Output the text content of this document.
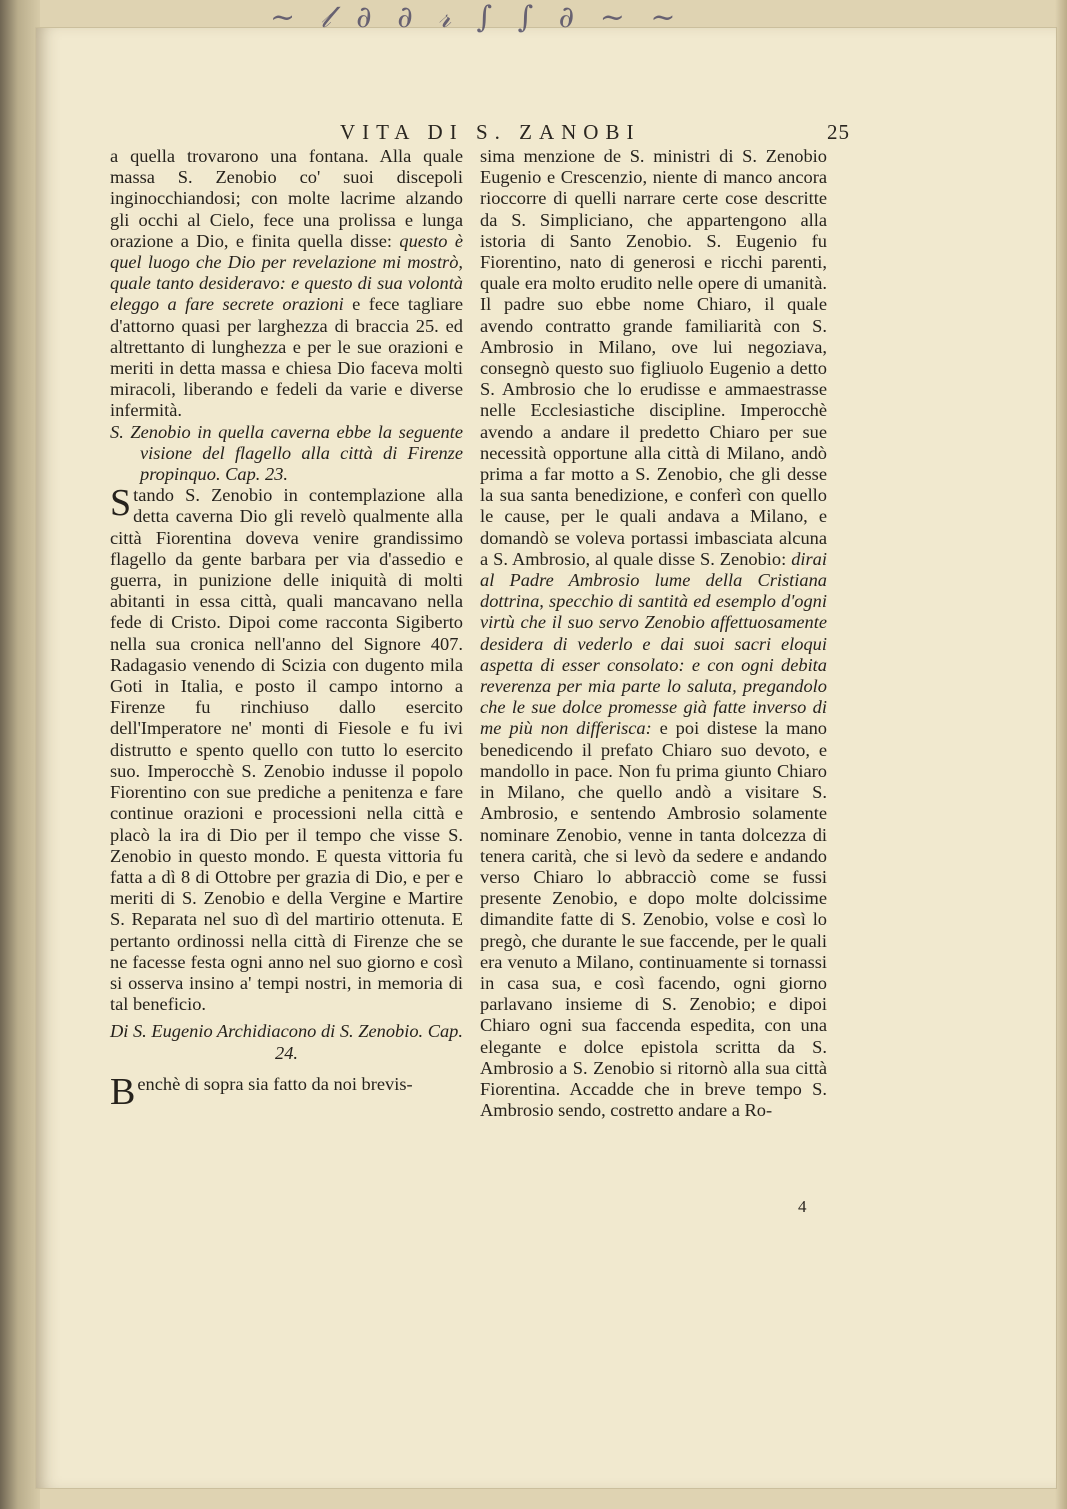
~ 𝓁 ∂ ∂ 𝓇 ∫ ∫ ∂ ~ ~
VITA DI S. ZANOBI	25

a quella trovarono una fontana. Alla quale massa S. Zenobio co' suoi discepoli inginocchiandosi; con molte lacrime alzando gli occhi al Cielo, fece una prolissa e lunga orazione a Dio, e finita quella disse: questo è quel luogo che Dio per revelazione mi mostrò, quale tanto desideravo: e questo di sua volontà eleggo a fare secrete orazioni e fece tagliare d'attorno quasi per larghezza di braccia 25. ed altrettanto di lunghezza e per le sue orazioni e meriti in detta massa e chiesa Dio faceva molti miracoli, liberando e fedeli da varie e diverse infermità.

S. Zenobio in quella caverna ebbe la seguente visione del flagello alla città di Firenze propinquo. Cap. 23.

Stando S. Zenobio in contemplazione alla detta caverna Dio gli revelò qualmente alla città Fiorentina doveva venire grandissimo flagello da gente barbara per via d'assedio e guerra, in punizione delle iniquità di molti abitanti in essa città, quali mancavano nella fede di Cristo. Dipoi come racconta Sigiberto nella sua cronica nell'anno del Signore 407. Radagasio venendo di Scizia con dugento mila Goti in Italia, e posto il campo intorno a Firenze fu rinchiuso dallo esercito dell'Imperatore ne' monti di Fiesole e fu ivi distrutto e spento quello con tutto lo esercito suo. Imperocchè S. Zenobio indusse il popolo Fiorentino con sue prediche a penitenza e fare continue orazioni e processioni nella città e placò la ira di Dio per il tempo che visse S. Zenobio in questo mondo. E questa vittoria fu fatta a dì 8 di Ottobre per grazia di Dio, e per e meriti di S. Zenobio e della Vergine e Martire S. Reparata nel suo dì del martirio ottenuta. E pertanto ordinossi nella città di Firenze che se ne facesse festa ogni anno nel suo giorno e così si osserva insino a' tempi nostri, in memoria di tal beneficio.

Di S. Eugenio Archidiacono di S. Zenobio. Cap. 24.

Benchè di sopra sia fatto da noi brevis-

sima menzione de S. ministri di S. Zenobio Eugenio e Crescenzio, niente di manco ancora rioccorre di quelli narrare certe cose descritte da S. Simpliciano, che appartengono alla istoria di Santo Zenobio. S. Eugenio fu Fiorentino, nato di generosi e ricchi parenti, quale era molto erudito nelle opere di umanità. Il padre suo ebbe nome Chiaro, il quale avendo contratto grande familiarità con S. Ambrosio in Milano, ove lui negoziava, consegnò questo suo figliuolo Eugenio a detto S. Ambrosio che lo erudisse e ammaestrasse nelle Ecclesiastiche discipline. Imperocchè avendo a andare il predetto Chiaro per sue necessità opportune alla città di Milano, andò prima a far motto a S. Zenobio, che gli desse la sua santa benedizione, e conferì con quello le cause, per le quali andava a Milano, e domandò se voleva portassi imbasciata alcuna a S. Ambrosio, al quale disse S. Zenobio: dirai al Padre Ambrosio lume della Cristiana dottrina, specchio di santità ed esemplo d'ogni virtù che il suo servo Zenobio affettuosamente desidera di vederlo e dai suoi sacri eloqui aspetta di esser consolato: e con ogni debita reverenza per mia parte lo saluta, pregandolo che le sue dolce promesse già fatte inverso di me più non differisca: e poi distese la mano benedicendo il prefato Chiaro suo devoto, e mandollo in pace. Non fu prima giunto Chiaro in Milano, che quello andò a visitare S. Ambrosio, e sentendo Ambrosio solamente nominare Zenobio, venne in tanta dolcezza di tenera carità, che si levò da sedere e andando verso Chiaro lo abbracciò come se fussi presente Zenobio, e dopo molte dolcissime dimandite fatte di S. Zenobio, volse e così lo pregò, che durante le sue faccende, per le quali era venuto a Milano, continuamente si tornassi in casa sua, e così facendo, ogni giorno parlavano insieme di S. Zenobio; e dipoi Chiaro ogni sua faccenda espedita, con una elegante e dolce epistola scritta da S. Ambrosio a S. Zenobio si ritornò alla sua città Fiorentina. Accadde che in breve tempo S. Ambrosio sendo, costretto andare a Ro-

4
